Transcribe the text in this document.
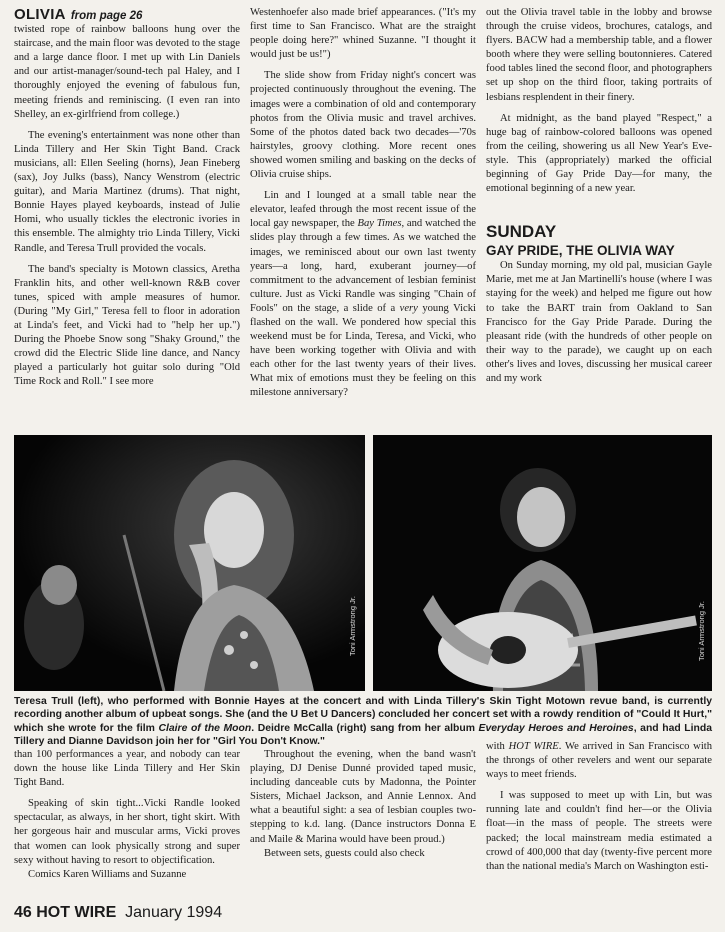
OLIVIA from page 26

twisted rope of rainbow balloons hung over the staircase, and the main floor was devoted to the stage and a large dance floor. I met up with Lin Daniels and our artist-manager/sound-tech pal Haley, and I thoroughly enjoyed the evening of fabulous fun, meeting friends and reminiscing. (I even ran into Shelley, an ex-girlfriend from college.)

The evening's entertainment was none other than Linda Tillery and Her Skin Tight Band. Crack musicians, all: Ellen Seeling (horns), Jean Fineberg (sax), Joy Julks (bass), Nancy Wenstrom (electric guitar), and Maria Martinez (drums). That night, Bonnie Hayes played keyboards, instead of Julie Homi, who usually tickles the electronic ivories in this ensemble. The almighty trio Linda Tillery, Vicki Randle, and Teresa Trull provided the vocals.

The band's specialty is Motown classics, Aretha Franklin hits, and other well-known R&B cover tunes, spiced with ample measures of humor. (During "My Girl," Teresa fell to floor in adoration at Linda's feet, and Vicki had to "help her up.") During the Phoebe Snow song "Shaky Ground," the crowd did the Electric Slide line dance, and Nancy played a particularly hot guitar solo during "Old Time Rock and Roll." I see more

Westenhoefer also made brief appearances. ("It's my first time to San Francisco. What are the straight people doing here?" whined Suzanne. "I thought it would just be us!")

The slide show from Friday night's concert was projected continuously throughout the evening. The images were a combination of old and contemporary photos from the Olivia music and travel archives. Some of the photos dated back two decades—'70s hairstyles, groovy clothing. More recent ones showed women smiling and basking on the decks of Olivia cruise ships.

Lin and I lounged at a small table near the elevator, leafed through the most recent issue of the local gay newspaper, the Bay Times, and watched the slides play through a few times. As we watched the images, we reminisced about our own last twenty years—a long, hard, exuberant journey—of commitment to the advancement of lesbian feminist culture. Just as Vicki Randle was singing "Chain of Fools" on the stage, a slide of a very young Vicki flashed on the wall. We pondered how special this weekend must be for Linda, Teresa, and Vicki, who have been working together with Olivia and with each other for the last twenty years of their lives. What mix of emotions must they be feeling on this milestone anniversary?

out the Olivia travel table in the lobby and browse through the cruise videos, brochures, catalogs, and flyers. BACW had a membership table, and a flower booth where they were selling boutonnieres. Catered food tables lined the second floor, and photographers set up shop on the third floor, taking portraits of lesbians resplendent in their finery.

At midnight, as the band played "Respect," a huge bag of rainbow-colored balloons was opened from the ceiling, showering us all New Year's Eve-style. This (appropriately) marked the official beginning of Gay Pride Day—for many, the emotional beginning of a new year.

SUNDAY
GAY PRIDE, THE OLIVIA WAY

On Sunday morning, my old pal, musician Gayle Marie, met me at Jan Martinelli's house (where I was staying for the week) and helped me figure out how to take the BART train from Oakland to San Francisco for the Gay Pride Parade. During the pleasant ride (with the hundreds of other people on their way to the parade), we caught up on each other's lives and loves, discussing her musical career and my work

Toni Armstrong Jr.	Toni Armstrong Jr.
Teresa Trull (left), who performed with Bonnie Hayes at the concert and with Linda Tillery's Skin Tight Motown revue band, is currently recording another album of upbeat songs. She (and the U Bet U Dancers) concluded her concert set with a rowdy rendition of "Could It Hurt," which she wrote for the film Claire of the Moon. Deidre McCalla (right) sang from her album Everyday Heroes and Heroines, and had Linda Tillery and Dianne Davidson join her for "Girl You Don't Know."

than 100 performances a year, and nobody can tear down the house like Linda Tillery and Her Skin Tight Band.

Speaking of skin tight...Vicki Randle looked spectacular, as always, in her short, tight skirt. With her gorgeous hair and muscular arms, Vicki proves that women can look physically strong and super sexy without having to resort to objectification.

Comics Karen Williams and Suzanne

Throughout the evening, when the band wasn't playing, DJ Denise Dunné provided taped music, including danceable cuts by Madonna, the Pointer Sisters, Michael Jackson, and Annie Lennox. And what a beautiful sight: a sea of lesbian couples two-stepping to k.d. lang. (Dance instructors Donna E and Maile & Marina would have been proud.)

Between sets, guests could also check

with HOT WIRE. We arrived in San Francisco with the throngs of other revelers and went our separate ways to meet friends.

I was supposed to meet up with Lin, but was running late and couldn't find her—or the Olivia float—in the mass of people. The streets were packed; the local mainstream media estimated a crowd of 400,000 that day (twenty-five percent more than the national media's March on Washington esti-

46 HOT WIRE January 1994
